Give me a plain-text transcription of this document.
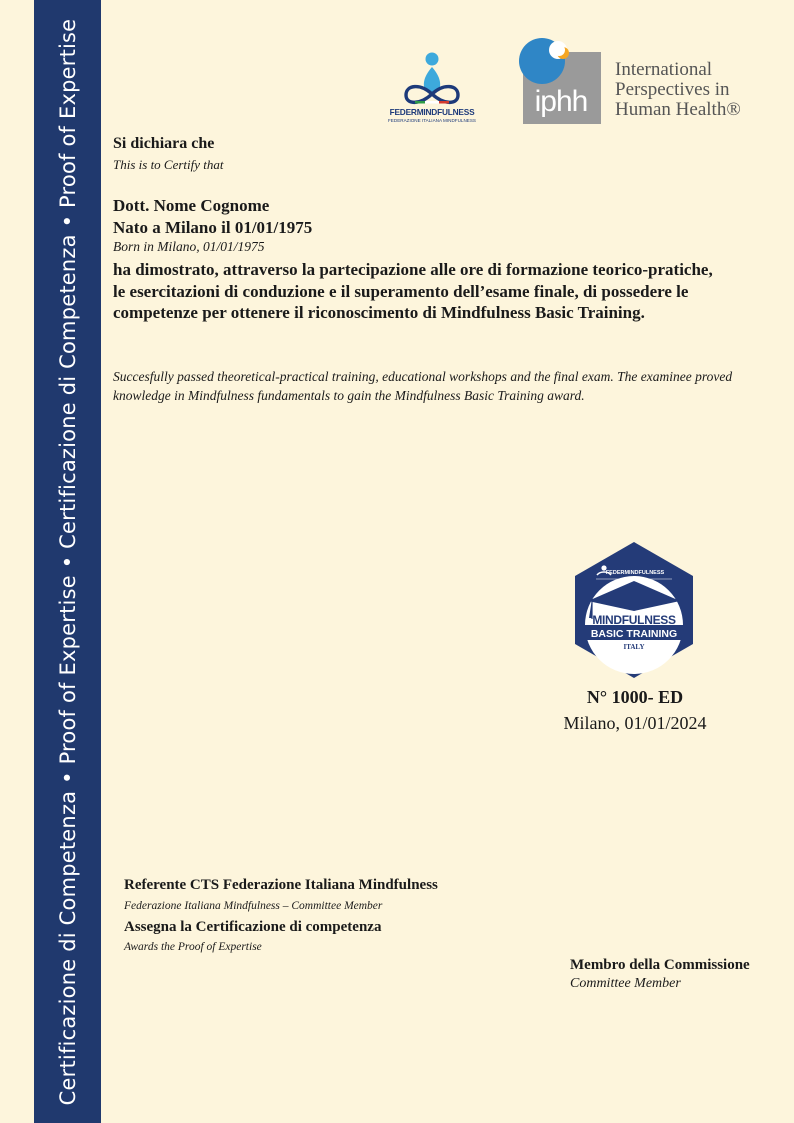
Certificazione di Competenza • Proof of Expertise • Certificazione di Competenza • Proof of Expertise	FEDERMINDFULNESS
FEDERAZIONE ITALIANA MINDFULNESS
iphh
International
Perspectives in
Human Health®
Si dichiara che
This is to Certify that
Dott. Nome Cognome
Nato a Milano il 01/01/1975
Born in Milano, 01/01/1975
ha dimostrato, attraverso la partecipazione alle ore di formazione teorico-pratiche, le esercitazioni di conduzione e il superamento dell’esame finale, di possedere le competenze per ottenere il riconoscimento di Mindfulness Basic Training.
Succesfully passed theoretical-practical training, educational workshops and the final exam. The examinee proved knowledge in Mindfulness fundamentals to gain the Mindfulness Basic Training award.
FEDERMINDFULNESS
MINDFULNESS
BASIC TRAINING
ITALY
N° 1000- ED
Milano, 01/01/2024
Referente CTS Federazione Italiana Mindfulness
Federazione Italiana Mindfulness – Committee Member
Assegna la Certificazione di competenza
Awards the Proof of Expertise
Membro della Commissione
Committee Member
